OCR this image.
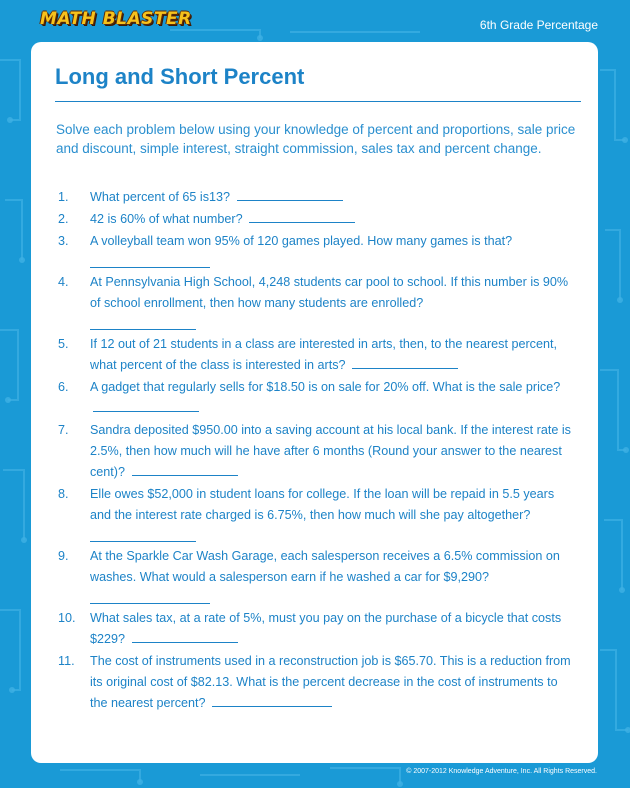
MATH BLASTER	6th Grade Percentage
Long and Short Percent

Solve each problem below using your knowledge of percent and proportions, sale price and discount, simple interest, straight commission, sales tax and percent change.

1. What percent of 65 is13?
2. 42 is 60% of what number?
3. A volleyball team won 95% of 120 games played. How many games is that?
4. At Pennsylvania High School, 4,248 students car pool to school. If this number is 90% of school enrollment, then how many students are enrolled?
5. If 12 out of 21 students in a class are interested in arts, then, to the nearest percent, what percent of the class is interested in arts?
6. A gadget that regularly sells for $18.50 is on sale for 20% off. What is the sale price?
7. Sandra deposited $950.00 into a saving account at his local bank. If the interest rate is 2.5%, then how much will he have after 6 months (Round your answer to the nearest cent)?
8. Elle owes $52,000 in student loans for college. If the loan will be repaid in 5.5 years and the interest rate charged is 6.75%, then how much will she pay altogether?
9. At the Sparkle Car Wash Garage, each salesperson receives a 6.5% commission on washes. What would a salesperson earn if he washed a car for $9,290?
10. What sales tax, at a rate of 5%, must you pay on the purchase of a bicycle that costs $229?
11. The cost of instruments used in a reconstruction job is $65.70. This is a reduction from its original cost of $82.13. What is the percent decrease in the cost of instruments to the nearest percent?
© 2007-2012 Knowledge Adventure, Inc. All Rights Reserved.
